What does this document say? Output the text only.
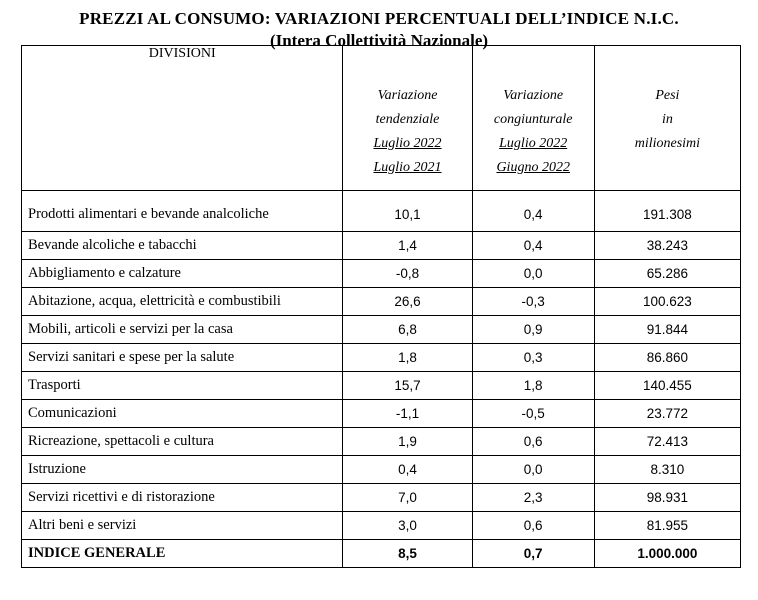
PREZZI AL CONSUMO: VARIAZIONI PERCENTUALI DELL’INDICE N.I.C.
(Intera Collettività Nazionale)
DIVISIONI	Variazione
tendenziale
Luglio 2022
Luglio 2021	Variazione
congiunturale
Luglio 2022
Giugno 2022	Pesi
in
milionesimi

Prodotti alimentari e bevande analcoliche	10,1	0,4	191.308
Bevande alcoliche e tabacchi	1,4	0,4	38.243
Abbigliamento e calzature	-0,8	0,0	65.286
Abitazione, acqua, elettricità e combustibili	26,6	-0,3	100.623
Mobili, articoli e servizi per la casa	6,8	0,9	91.844
Servizi sanitari e spese per la salute	1,8	0,3	86.860
Trasporti	15,7	1,8	140.455
Comunicazioni	-1,1	-0,5	23.772
Ricreazione, spettacoli e cultura	1,9	0,6	72.413
Istruzione	0,4	0,0	8.310
Servizi ricettivi e di ristorazione	7,0	2,3	98.931
Altri beni e servizi	3,0	0,6	81.955
INDICE GENERALE	8,5	0,7	1.000.000
